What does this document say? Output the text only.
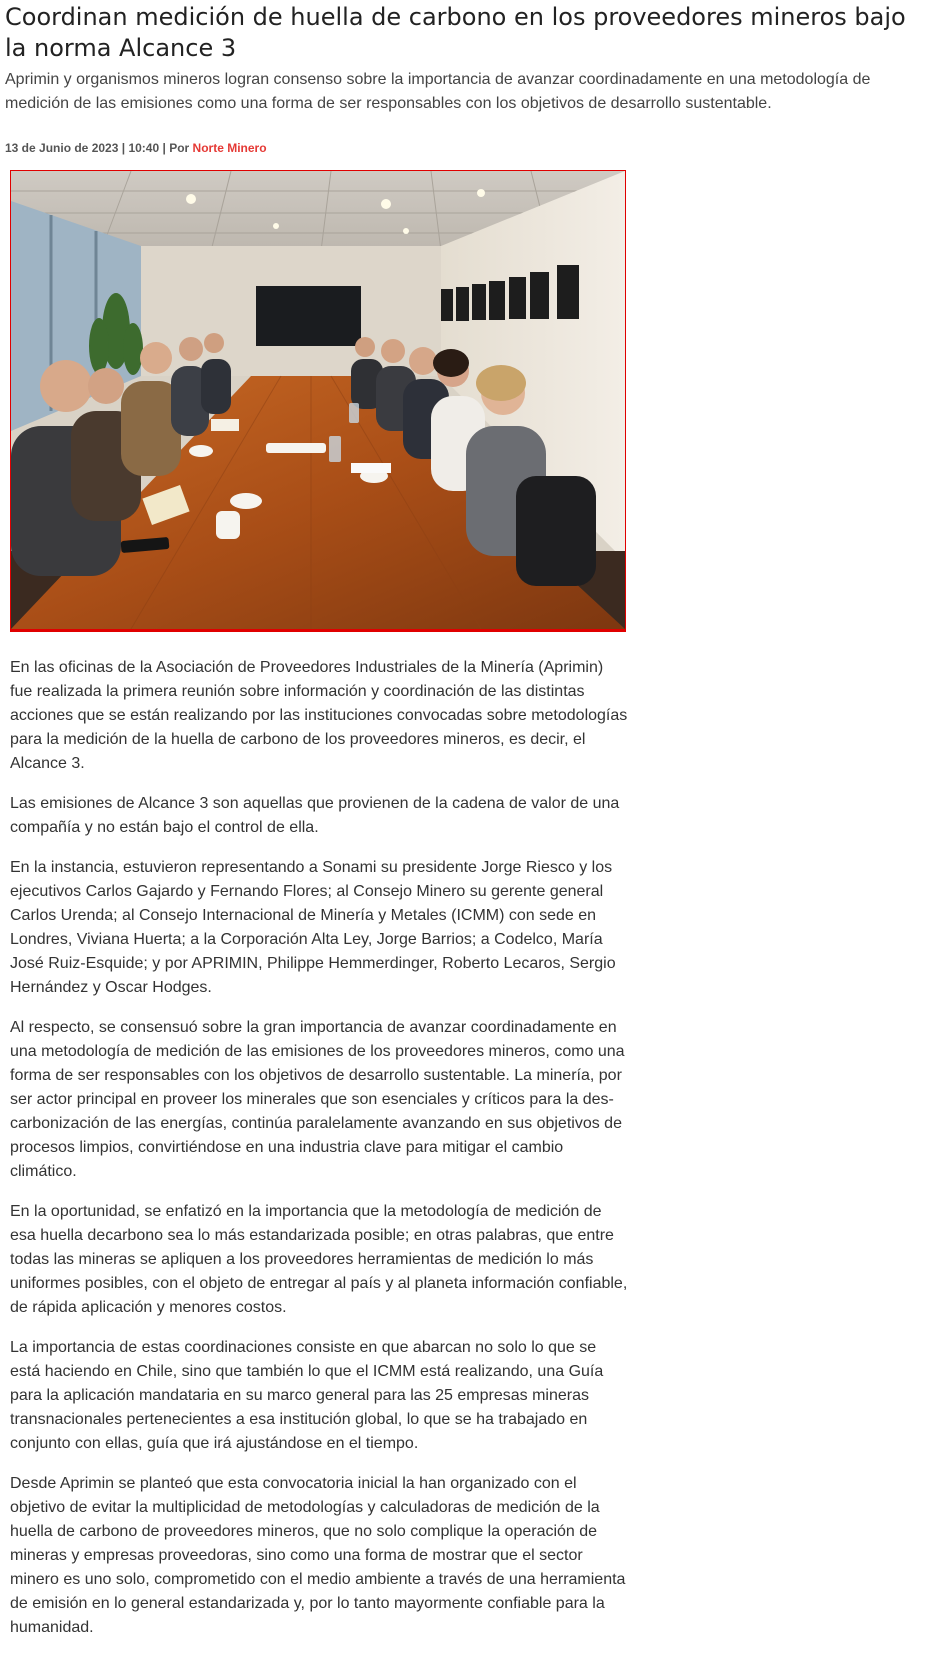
Coordinan medición de huella de carbono en los proveedores mineros bajo la norma Alcance 3

Aprimin y organismos mineros logran consenso sobre la importancia de avanzar coordinadamente en una metodología de medición de las emisiones como una forma de ser responsables con los objetivos de desarrollo sustentable.

13 de Junio de 2023 | 10:40 | Por Norte Minero

En las oficinas de la Asociación de Proveedores Industriales de la Minería (Aprimin) fue realizada la primera reunión sobre información y coordinación de las distintas acciones que se están realizando por las instituciones convocadas sobre metodologías para la medición de la huella de carbono de los proveedores mineros, es decir, el Alcance 3.

Las emisiones de Alcance 3 son aquellas que provienen de la cadena de valor de una compañía y no están bajo el control de ella.

En la instancia, estuvieron representando a Sonami su presidente Jorge Riesco y los ejecutivos Carlos Gajardo y Fernando Flores; al Consejo Minero su gerente general Carlos Urenda; al Consejo Internacional de Minería y Metales (ICMM) con sede en Londres, Viviana Huerta; a la Corporación Alta Ley, Jorge Barrios; a Codelco, María José Ruiz-Esquide; y por APRIMIN, Philippe Hemmerdinger, Roberto Lecaros, Sergio Hernández y Oscar Hodges.

Al respecto, se consensuó sobre la gran importancia de avanzar coordinadamente en una metodología de medición de las emisiones de los proveedores mineros, como una forma de ser responsables con los objetivos de desarrollo sustentable. La minería, por ser actor principal en proveer los minerales que son esenciales y críticos para la des-carbonización de las energías, continúa paralelamente avanzando en sus objetivos de procesos limpios, convirtiéndose en una industria clave para mitigar el cambio climático.

En la oportunidad, se enfatizó en la importancia que la metodología de medición de esa huella decarbono sea lo más estandarizada posible; en otras palabras, que entre todas las mineras se apliquen a los proveedores herramientas de medición lo más uniformes posibles, con el objeto de entregar al país y al planeta información confiable, de rápida aplicación y menores costos.

La importancia de estas coordinaciones consiste en que abarcan no solo lo que se está haciendo en Chile, sino que también lo que el ICMM está realizando, una Guía para la aplicación mandataria en su marco general para las 25 empresas mineras transnacionales pertenecientes a esa institución global, lo que se ha trabajado en conjunto con ellas, guía que irá ajustándose en el tiempo.

Desde Aprimin se planteó que esta convocatoria inicial la han organizado con el objetivo de evitar la multiplicidad de metodologías y calculadoras de medición de la huella de carbono de proveedores mineros, que no solo complique la operación de mineras y empresas proveedoras, sino como una forma de mostrar que el sector minero es uno solo, comprometido con el medio ambiente a través de una herramienta de emisión en lo general estandarizada y, por lo tanto mayormente confiable para la humanidad.
